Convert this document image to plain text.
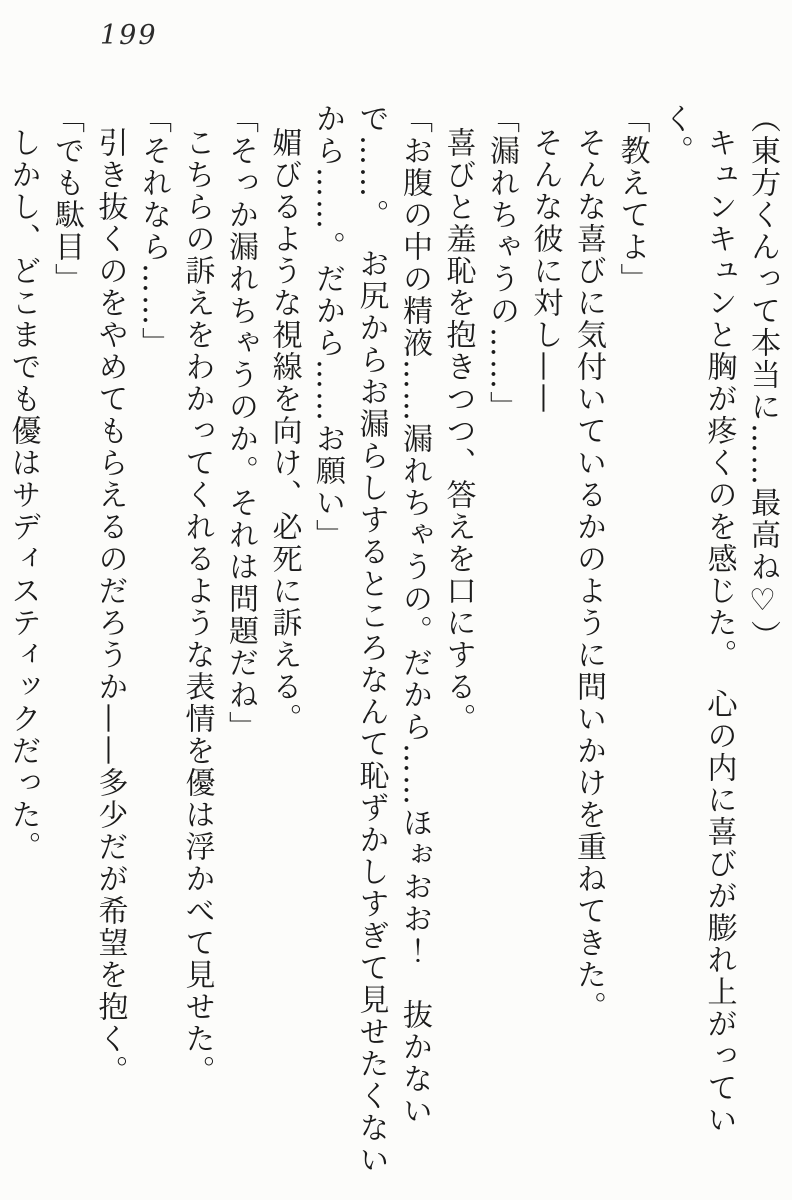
199

（東方くんって本当に……最高ね♡）

キュンキュンと胸が疼くのを感じた。　心の内に喜びが膨れ上がっていく。

「教えてよ」

そんな喜びに気付いているかのように問いかけを重ねてきた。

そんな彼に対し——

「漏れちゃうの……」

喜びと羞恥を抱きつつ、答えを口にする。

「お腹の中の精液……漏れちゃうの。だから……ほぉおお！　抜かないで……。　お尻からお漏らしするところなんて恥ずかしすぎて見せたくないから……。だから……お願い」

媚びるような視線を向け、必死に訴える。

「そっか漏れちゃうのか。それは問題だね」

こちらの訴えをわかってくれるような表情を優は浮かべて見せた。

「それなら……」

引き抜くのをやめてもらえるのだろうか——多少だが希望を抱く。

「でも駄目」

しかし、どこまでも優はサディスティックだった。
